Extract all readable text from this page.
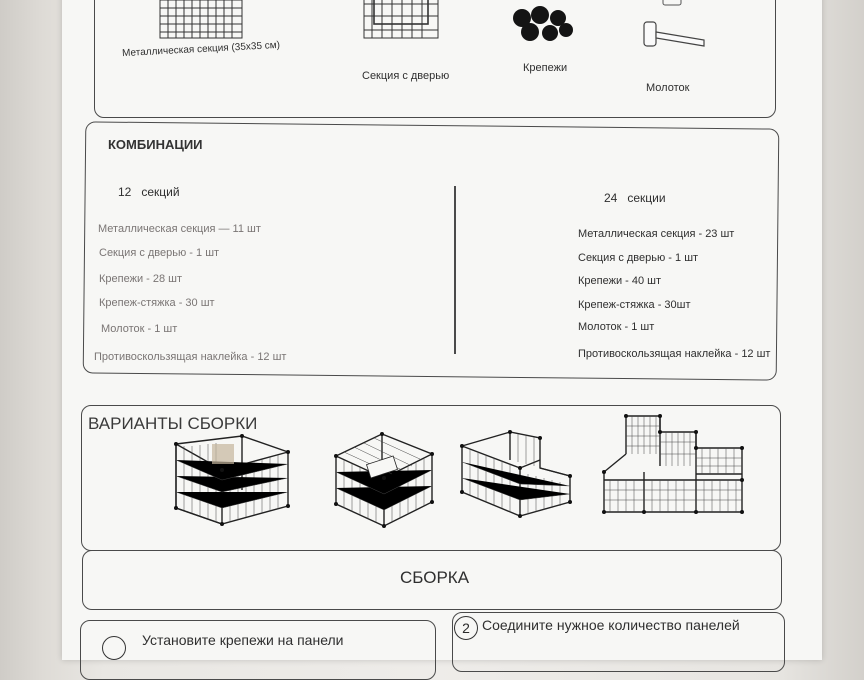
Металлическая секция (35x35 см)
Секция с дверью
Крепежи
Молоток
КОМБИНАЦИИ
12   секций
Металлическая секция — 11 шт
Секция с дверью - 1 шт
Крепежи - 28 шт
Крепеж-стяжка - 30 шт
Молоток - 1 шт
Противоскользящая наклейка - 12 шт
24   секции
Металлическая секция - 23 шт
Секция с дверью - 1 шт
Крепежи - 40 шт
Крепеж-стяжка - 30шт
Молоток - 1 шт
Противоскользящая наклейка - 12 шт
ВАРИАНТЫ СБОРКИ
СБОРКА
Установите крепежи на панели
2 Соедините нужное количество панелей
